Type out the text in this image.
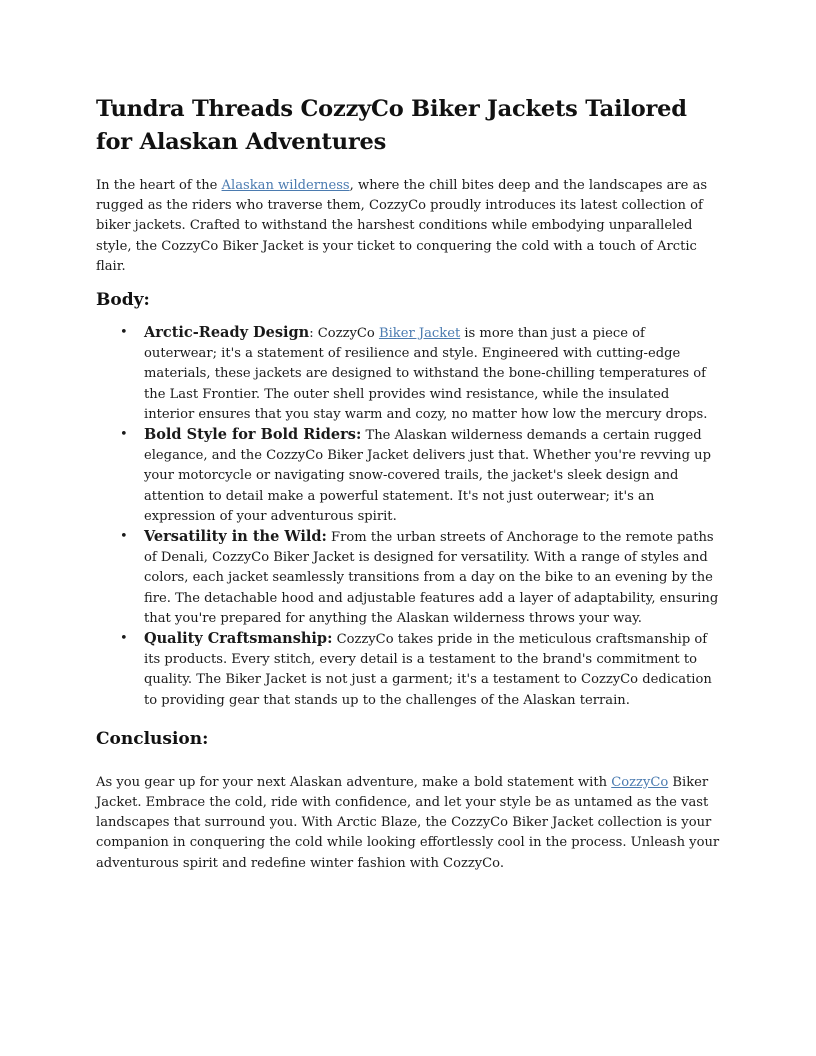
Tundra Threads CozzyCo Biker Jackets Tailored for Alaskan Adventures

In the heart of the Alaskan wilderness, where the chill bites deep and the landscapes are as rugged as the riders who traverse them, CozzyCo proudly introduces its latest collection of biker jackets. Crafted to withstand the harshest conditions while embodying unparalleled style, the CozzyCo Biker Jacket is your ticket to conquering the cold with a touch of Arctic flair.

Body:
• Arctic-Ready Design: CozzyCo Biker Jacket is more than just a piece of outerwear; it's a statement of resilience and style. Engineered with cutting-edge materials, these jackets are designed to withstand the bone-chilling temperatures of the Last Frontier. The outer shell provides wind resistance, while the insulated interior ensures that you stay warm and cozy, no matter how low the mercury drops.
• Bold Style for Bold Riders: The Alaskan wilderness demands a certain rugged elegance, and the CozzyCo Biker Jacket delivers just that. Whether you're revving up your motorcycle or navigating snow-covered trails, the jacket's sleek design and attention to detail make a powerful statement. It's not just outerwear; it's an expression of your adventurous spirit.
• Versatility in the Wild: From the urban streets of Anchorage to the remote paths of Denali, CozzyCo Biker Jacket is designed for versatility. With a range of styles and colors, each jacket seamlessly transitions from a day on the bike to an evening by the fire. The detachable hood and adjustable features add a layer of adaptability, ensuring that you're prepared for anything the Alaskan wilderness throws your way.
• Quality Craftsmanship: CozzyCo takes pride in the meticulous craftsmanship of its products. Every stitch, every detail is a testament to the brand's commitment to quality. The Biker Jacket is not just a garment; it's a testament to CozzyCo dedication to providing gear that stands up to the challenges of the Alaskan terrain.
Conclusion:

As you gear up for your next Alaskan adventure, make a bold statement with CozzyCo Biker Jacket. Embrace the cold, ride with confidence, and let your style be as untamed as the vast landscapes that surround you. With Arctic Blaze, the CozzyCo Biker Jacket collection is your companion in conquering the cold while looking effortlessly cool in the process. Unleash your adventurous spirit and redefine winter fashion with CozzyCo.
